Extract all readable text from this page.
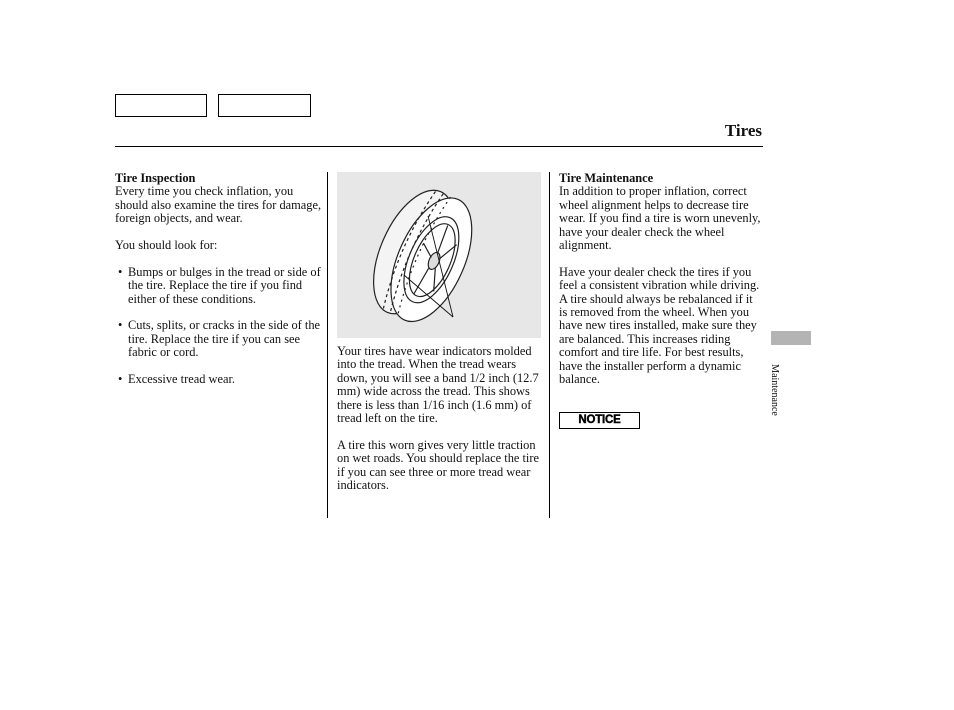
Tires
Tire Inspection

Every time you check inflation, you should also examine the tires for damage, foreign objects, and wear.

You should look for:

• Bumps or bulges in the tread or side of the tire. Replace the tire if you find either of these conditions.
• Cuts, splits, or cracks in the side of the tire. Replace the tire if you can see fabric or cord.
• Excessive tread wear.

Your tires have wear indicators molded into the tread. When the tread wears down, you will see a band 1/2 inch (12.7 mm) wide across the tread. This shows there is less than 1/16 inch (1.6 mm) of tread left on the tire.

A tire this worn gives very little traction on wet roads. You should replace the tire if you can see three or more tread wear indicators.

Tire Maintenance

In addition to proper inflation, correct wheel alignment helps to decrease tire wear. If you find a tire is worn unevenly, have your dealer check the wheel alignment.

Have your dealer check the tires if you feel a consistent vibration while driving. A tire should always be rebalanced if it is removed from the wheel. When you have new tires installed, make sure they are balanced. This increases riding comfort and tire life. For best results, have the installer perform a dynamic balance.

NOTICE
Maintenance
